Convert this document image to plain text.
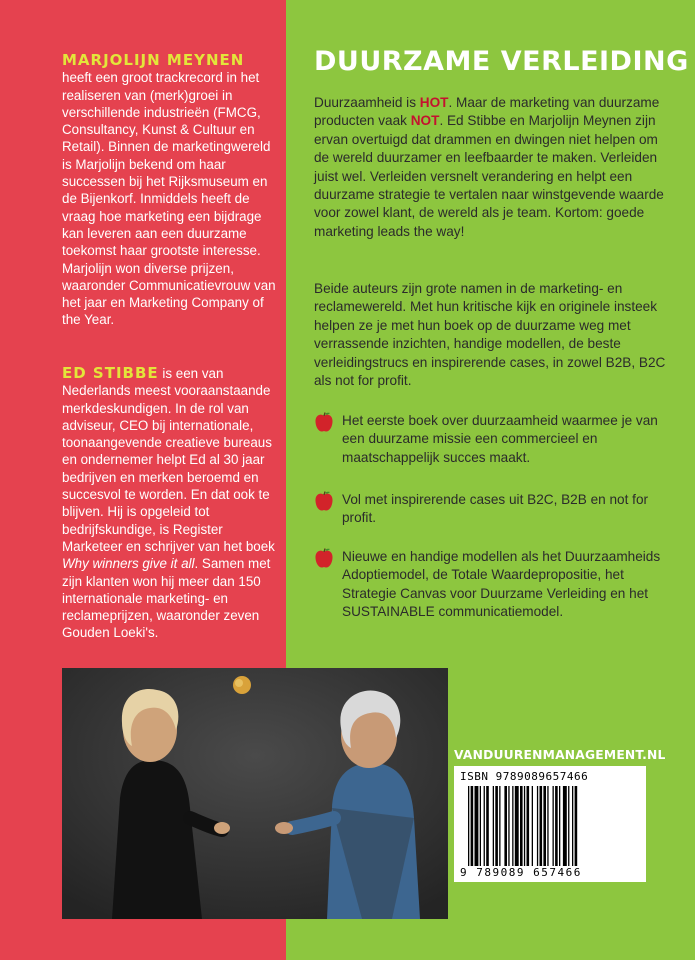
MARJOLIJN MEYNEN

heeft een groot trackrecord in het realiseren van (merk)groei in verschillende industrieën (FMCG, Consultancy, Kunst & Cultuur en Retail). Binnen de marketingwereld is Marjolijn bekend om haar successen bij het Rijksmuseum en de Bijenkorf. Inmiddels heeft de vraag hoe marketing een bijdrage kan leveren aan een duurzame toekomst haar grootste interesse.

Marjolijn won diverse prijzen, waaronder Communicatievrouw van het jaar en Marketing Company of the Year.

ED STIBBE is een van Nederlands meest vooraanstaande merkdeskundigen. In de rol van adviseur, CEO bij internationale, toonaangevende creatieve bureaus en ondernemer helpt Ed al 30 jaar bedrijven en merken beroemd en succesvol te worden. En dat ook te blijven. Hij is opgeleid tot bedrijfskundige, is Register Marketeer en schrijver van het boek Why winners give it all. Samen met zijn klanten won hij meer dan 150 internationale marketing- en reclameprijzen, waaronder zeven Gouden Loeki's.

DUURZAME VERLEIDING

Duurzaamheid is HOT. Maar de marketing van duurzame producten vaak NOT. Ed Stibbe en Marjolijn Meynen zijn ervan overtuigd dat drammen en dwingen niet helpen om de wereld duurzamer en leefbaarder te maken. Verleiden juist wel. Verleiden versnelt verandering en helpt een duurzame strategie te vertalen naar winstgevende waarde voor zowel klant, de wereld als je team. Kortom: goede marketing leads the way!

Beide auteurs zijn grote namen in de marketing- en reclamewereld. Met hun kritische kijk en originele insteek helpen ze je met hun boek op de duurzame weg met verrassende inzichten, handige modellen, de beste verleidingstrucs en inspirerende cases, in zowel B2B, B2C als not for profit.

Het eerste boek over duurzaamheid waarmee je van een duurzame missie een commercieel en maatschappelijk succes maakt.
Vol met inspirerende cases uit B2C, B2B en not for profit.
Nieuwe en handige modellen als het Duurzaamheids Adoptiemodel, de Totale Waardepropositie, het Strategie Canvas voor Duurzame Verleiding en het SUSTAINABLE communicatiemodel.
VANDUURENMANAGEMENT.NL
ISBN 9789089657466
9 789089 657466
